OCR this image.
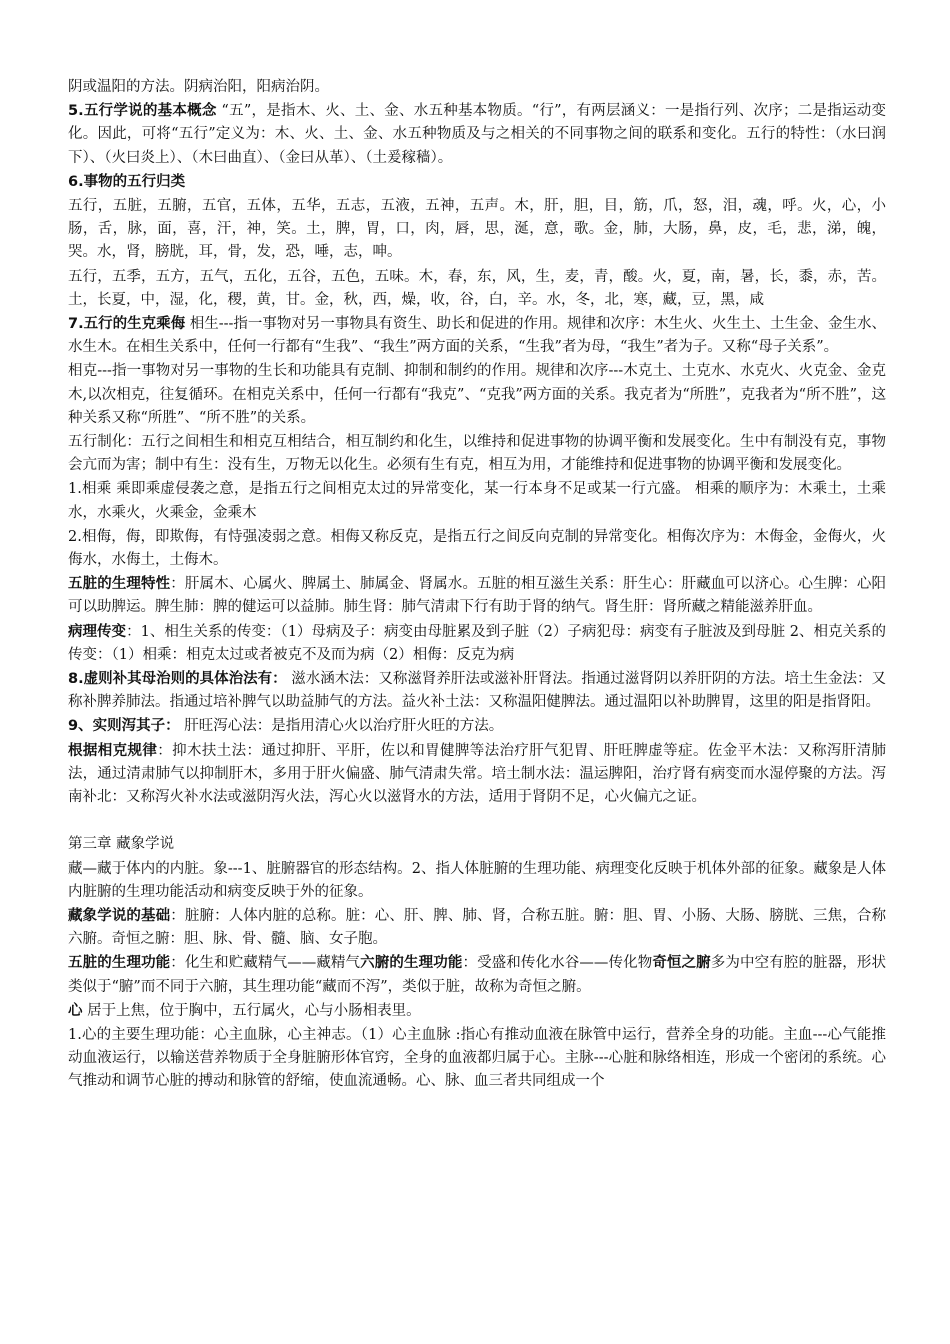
阴或温阳的方法。阴病治阳，阳病治阴。

5.五行学说的基本概念 “五”，是指木、火、土、金、水五种基本物质。“行”，有两层涵义：一是指行列、次序；二是指运动变化。因此，可将“五行”定义为：木、火、土、金、水五种物质及与之相关的不同事物之间的联系和变化。五行的特性：（水曰润下）、（火曰炎上）、（木曰曲直）、（金曰从革）、（土爰稼穑）。

6.事物的五行归类

五行，五脏，五腑，五官，五体，五华，五志，五液，五神，五声。木，肝，胆，目，筋，爪，怒，泪，魂，呼。火，心，小肠，舌，脉，面，喜，汗，神，笑。土，脾，胃，口，肉，唇，思，涎，意，歌。金，肺，大肠，鼻，皮，毛，悲，涕，魄，哭。水，肾，膀胱，耳，骨，发，恐，唾，志，呻。

五行，五季，五方，五气，五化，五谷，五色，五味。木，春，东，风，生，麦，青，酸。火，夏，南，暑，长，黍，赤，苦。土，长夏，中，湿，化，稷，黄，甘。金，秋，西，燥，收，谷，白，辛。水，冬，北，寒，藏，豆，黑，咸

7.五行的生克乘侮 相生---指一事物对另一事物具有资生、助长和促进的作用。规律和次序：木生火、火生土、土生金、金生水、水生木。在相生关系中，任何一行都有“生我”、“我生”两方面的关系，“生我”者为母，“我生”者为子。又称“母子关系”。

相克---指一事物对另一事物的生长和功能具有克制、抑制和制约的作用。规律和次序---木克土、土克水、水克火、火克金、金克木,以次相克，往复循环。在相克关系中，任何一行都有“我克”、“克我”两方面的关系。我克者为“所胜”，克我者为“所不胜”，这种关系又称“所胜”、“所不胜”的关系。

五行制化：五行之间相生和相克互相结合，相互制约和化生，以维持和促进事物的协调平衡和发展变化。生中有制没有克，事物会亢而为害；制中有生：没有生，万物无以化生。必须有生有克，相互为用，才能维持和促进事物的协调平衡和发展变化。

1.相乘 乘即乘虚侵袭之意，是指五行之间相克太过的异常变化，某一行本身不足或某一行亢盛。 相乘的顺序为：木乘土，土乘水，水乘火，火乘金，金乘木

2.相侮，侮，即欺侮，有恃强凌弱之意。相侮又称反克，是指五行之间反向克制的异常变化。相侮次序为：木侮金，金侮火，火侮水，水侮土，土侮木。

五脏的生理特性：肝属木、心属火、脾属土、肺属金、肾属水。五脏的相互滋生关系：肝生心：肝藏血可以济心。心生脾：心阳可以助脾运。脾生肺：脾的健运可以益肺。肺生肾：肺气清肃下行有助于肾的纳气。肾生肝：肾所藏之精能滋养肝血。

病理传变：1、相生关系的传变：（1）母病及子：病变由母脏累及到子脏（2）子病犯母：病变有子脏波及到母脏 2、相克关系的传变：（1）相乘：相克太过或者被克不及而为病（2）相侮：反克为病

8.虚则补其母治则的具体治法有： 滋水涵木法：又称滋肾养肝法或滋补肝肾法。指通过滋肾阴以养肝阴的方法。培土生金法：又称补脾养肺法。指通过培补脾气以助益肺气的方法。益火补土法：又称温阳健脾法。通过温阳以补助脾胃，这里的阳是指肾阳。

9、实则泻其子： 肝旺泻心法：是指用清心火以治疗肝火旺的方法。

根据相克规律：抑木扶土法：通过抑肝、平肝，佐以和胃健脾等法治疗肝气犯胃、肝旺脾虚等症。佐金平木法：又称泻肝清肺法，通过清肃肺气以抑制肝木，多用于肝火偏盛、肺气清肃失常。培土制水法：温运脾阳，治疗肾有病变而水湿停聚的方法。泻南补北：又称泻火补水法或滋阴泻火法，泻心火以滋肾水的方法，适用于肾阴不足，心火偏亢之证。

第三章 藏象学说

藏—藏于体内的内脏。象---1、脏腑器官的形态结构。2、指人体脏腑的生理功能、病理变化反映于机体外部的征象。藏象是人体内脏腑的生理功能活动和病变反映于外的征象。

藏象学说的基础：脏腑：人体内脏的总称。脏：心、肝、脾、肺、肾，合称五脏。腑：胆、胃、小肠、大肠、膀胱、三焦，合称六腑。奇恒之腑：胆、脉、骨、髓、脑、女子胞。

五脏的生理功能：化生和贮藏精气——藏精气六腑的生理功能：受盛和传化水谷——传化物奇恒之腑多为中空有腔的脏器，形状类似于“腑”而不同于六腑，其生理功能“藏而不泻”，类似于脏，故称为奇恒之腑。

心 居于上焦，位于胸中，五行属火，心与小肠相表里。

1.心的主要生理功能：心主血脉，心主神志。（1）心主血脉 :指心有推动血液在脉管中运行，营养全身的功能。主血---心气能推动血液运行，以输送营养物质于全身脏腑形体官窍，全身的血液都归属于心。主脉---心脏和脉络相连，形成一个密闭的系统。心气推动和调节心脏的搏动和脉管的舒缩，使血流通畅。心、脉、血三者共同组成一个
